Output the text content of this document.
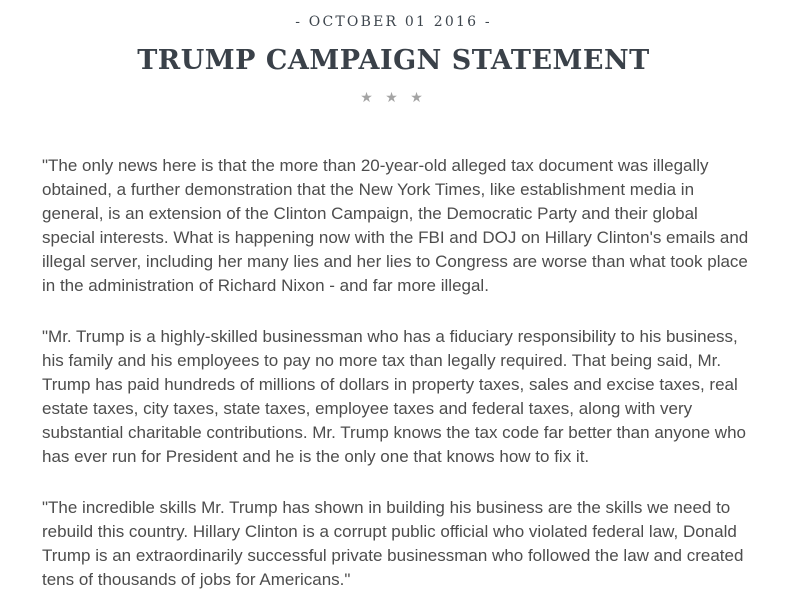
- OCTOBER 01 2016 -
TRUMP CAMPAIGN STATEMENT
★ ★ ★

"The only news here is that the more than 20-year-old alleged tax document was illegally obtained, a further demonstration that the New York Times, like establishment media in general, is an extension of the Clinton Campaign, the Democratic Party and their global special interests. What is happening now with the FBI and DOJ on Hillary Clinton's emails and illegal server, including her many lies and her lies to Congress are worse than what took place in the administration of Richard Nixon - and far more illegal.

"Mr. Trump is a highly-skilled businessman who has a fiduciary responsibility to his business, his family and his employees to pay no more tax than legally required. That being said, Mr. Trump has paid hundreds of millions of dollars in property taxes, sales and excise taxes, real estate taxes, city taxes, state taxes, employee taxes and federal taxes, along with very substantial charitable contributions. Mr. Trump knows the tax code far better than anyone who has ever run for President and he is the only one that knows how to fix it.

"The incredible skills Mr. Trump has shown in building his business are the skills we need to rebuild this country. Hillary Clinton is a corrupt public official who violated federal law, Donald Trump is an extraordinarily successful private businessman who followed the law and created tens of thousands of jobs for Americans."
